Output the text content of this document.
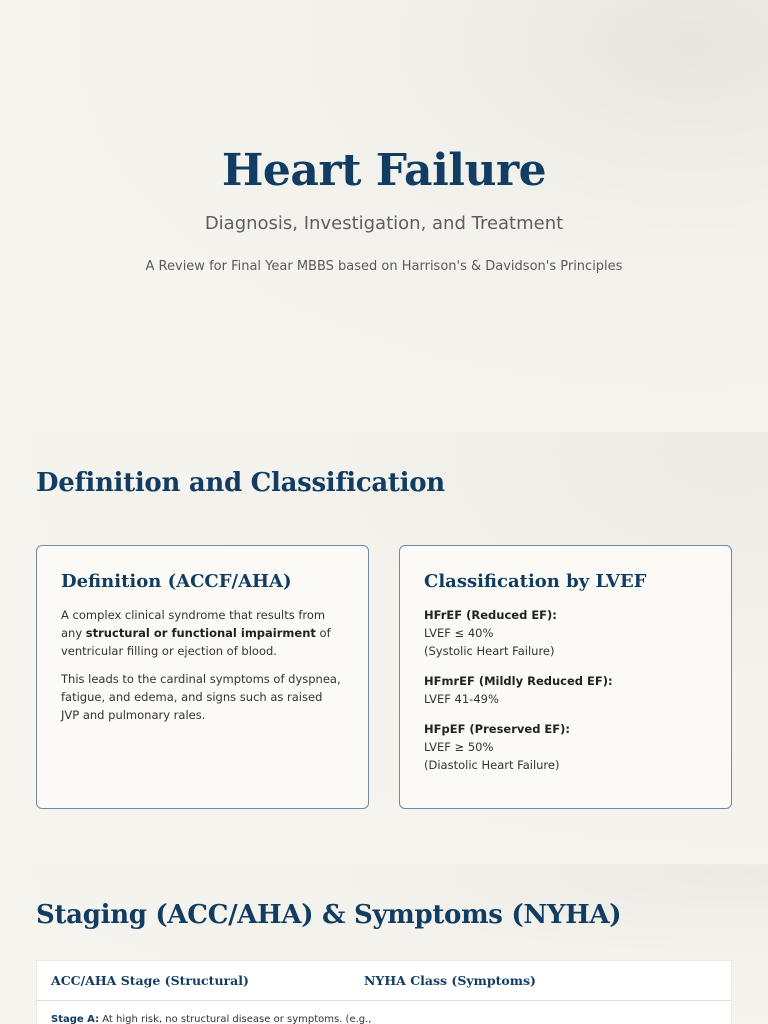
Heart Failure
Diagnosis, Investigation, and Treatment
A Review for Final Year MBBS based on Harrison's & Davidson's Principles
Definition and Classification
Definition (ACCF/AHA)

A complex clinical syndrome that results from any structural or functional impairment of ventricular filling or ejection of blood.

This leads to the cardinal symptoms of dyspnea, fatigue, and edema, and signs such as raised JVP and pulmonary rales.

Classification by LVEF
HFrEF (Reduced EF):
LVEF ≤ 40%
(Systolic Heart Failure)
HFmrEF (Mildly Reduced EF):
LVEF 41-49%
HFpEF (Preserved EF):
LVEF ≥ 50%
(Diastolic Heart Failure)
Staging (ACC/AHA) & Symptoms (NYHA)
ACC/AHA Stage (Structural)	NYHA Class (Symptoms)
Stage A: At high risk, no structural disease or symptoms. (e.g.,
